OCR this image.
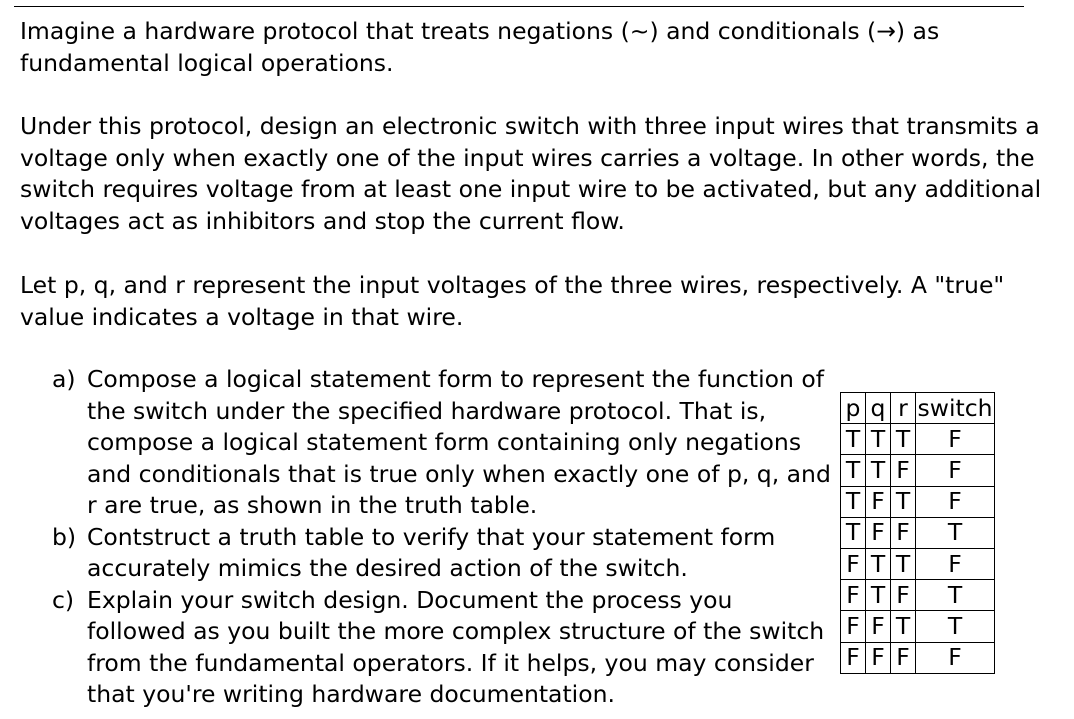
Imagine a hardware protocol that treats negations (~) and conditionals (→) as
fundamental logical operations.

Under this protocol, design an electronic switch with three input wires that transmits a
voltage only when exactly one of the input wires carries a voltage. In other words, the
switch requires voltage from at least one input wire to be activated, but any additional
voltages act as inhibitors and stop the current flow.

Let p, q, and r represent the input voltages of the three wires, respectively. A "true"
value indicates a voltage in that wire.

a) Compose a logical statement form to represent the function of
the switch under the specified hardware protocol. That is,
compose a logical statement form containing only negations
and conditionals that is true only when exactly one of p, q, and
r are true, as shown in the truth table.
b) Contstruct a truth table to verify that your statement form
accurately mimics the desired action of the switch.
c) Explain your switch design. Document the process you
followed as you built the more complex structure of the switch
from the fundamental operators. If it helps, you may consider
that you're writing hardware documentation.
p	q	r	switch
T	T	T	F
T	T	F	F
T	F	T	F
T	F	F	T
F	T	T	F
F	T	F	T
F	F	T	T
F	F	F	F
